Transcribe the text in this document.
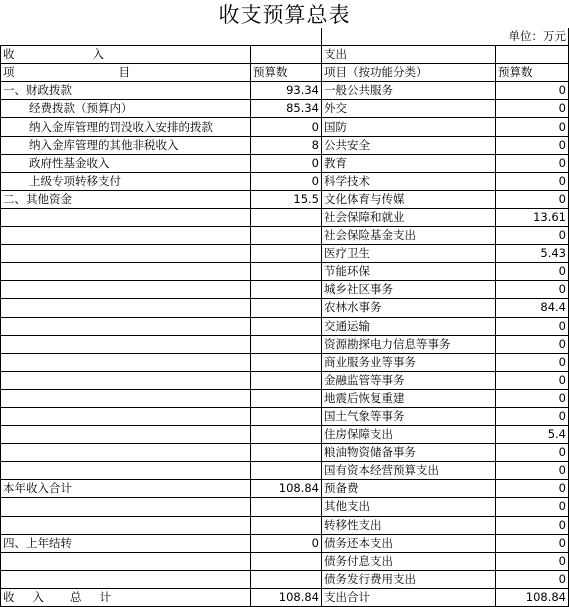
收支预算总表
			单位：万元
收 入		支出	
项 目	预算数	项目（按功能分类）	预算数
一、财政拨款	93.34	一般公共服务	0
经费拨款（预算内）	85.34	外交	0
纳入金库管理的罚没收入安排的拨款	0	国防	0
纳入金库管理的其他非税收入	8	公共安全	0
政府性基金收入	0	教育	0
上级专项转移支付	0	科学技术	0
二、其他资金	15.5	文化体育与传媒	0
		社会保障和就业	13.61
		社会保险基金支出	0
		医疗卫生	5.43
		节能环保	0
		城乡社区事务	0
		农林水事务	84.4
		交通运输	0
		资源勘探电力信息等事务	0
		商业服务业等事务	0
		金融监管等事务	0
		地震后恢复重建	0
		国土气象等事务	0
		住房保障支出	5.4
		粮油物资储备事务	0
		国有资本经营预算支出	0
本年收入合计	108.84	预备费	0
		其他支出	0
		转移性支出	0
四、上年结转	0	债务还本支出	0
		债务付息支出	0
		债务发行费用支出	0
收 入 总 计	108.84	支出合计	108.84
